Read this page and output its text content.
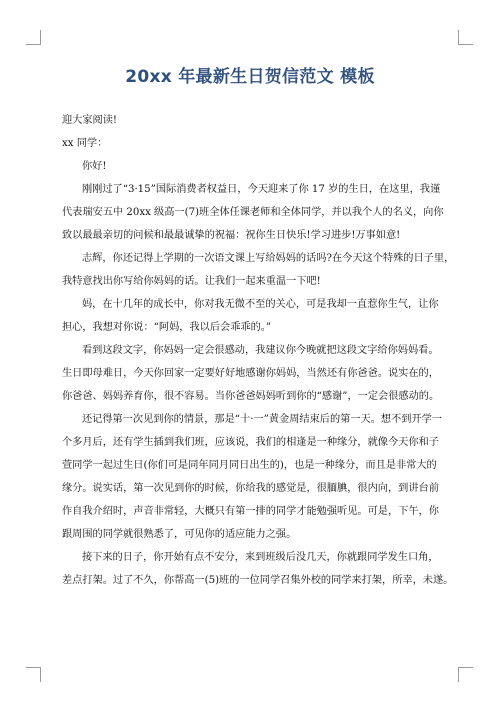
20xx 年最新生日贺信范文 模板
迎大家阅读!
xx 同学：
你好!
刚刚过了“3·15”国际消费者权益日，今天迎来了你 17 岁的生日，在这里，我谨
代表瑞安五中 20xx 级高一(7)班全体任课老师和全体同学，并以我个人的名义，向你
致以最最亲切的问候和最最诚挚的祝福：祝你生日快乐!学习进步!万事如意!
志辉，你还记得上学期的一次语文课上写给妈妈的话吗?在今天这个特殊的日子里，
我特意找出你写给你妈妈的话。让我们一起来重温一下吧!
妈，在十几年的成长中，你对我无微不至的关心，可是我却一直惹你生气，让你
担心，我想对你说：“阿妈，我以后会乖乖的。”
看到这段文字，你妈妈一定会很感动，我建议你今晚就把这段文字给你妈妈看。
生日即母难日，今天你回家一定要好好地感谢你妈妈，当然还有你爸爸。说实在的，
你爸爸、妈妈养育你，很不容易。当你爸爸妈妈听到你的“感谢”，一定会很感动的。
还记得第一次见到你的情景，那是“十·一”黄金周结束后的第一天。想不到开学一
个多月后，还有学生插到我们班，应该说，我们的相逢是一种缘分，就像今天你和子
萱同学一起过生日(你们可是同年同月同日出生的)，也是一种缘分，而且是非常大的
缘分。说实话，第一次见到你的时候，你给我的感觉是，很腼腆，很内向，到讲台前
作自我介绍时，声音非常轻，大概只有第一排的同学才能勉强听见。可是，下午，你
跟周围的同学就很熟悉了，可见你的适应能力之强。
接下来的日子，你开始有点不安分，来到班级后没几天，你就跟同学发生口角，
差点打架。过了不久，你帮高一(5)班的一位同学召集外校的同学来打架，所幸，未遂。
